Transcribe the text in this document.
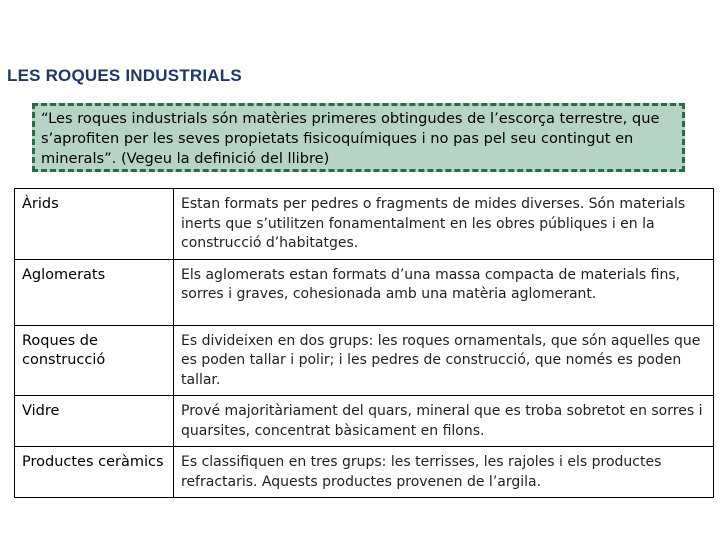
LES ROQUES INDUSTRIALS
“Les roques industrials són matèries primeres obtingudes de l’escorça terrestre, que s’aprofiten per les seves propietats fisicoquímiques i no pas pel seu contingut en minerals”. (Vegeu la definició del llibre)
Àrids	Estan formats per pedres o fragments de mides diverses. Són materials inerts que s’utilitzen fonamentalment en les obres públiques i en la construcció d’habitatges.
Aglomerats	Els aglomerats estan formats d’una massa compacta de materials fins, sorres i graves, cohesionada amb una matèria aglomerant.
Roques de construcció	Es divideixen en dos grups: les roques ornamentals, que són aquelles que es poden tallar i polir; i les pedres de construcció, que només es poden tallar.
Vidre	Prové majoritàriament del quars, mineral que es troba sobretot en sorres i quarsites, concentrat bàsicament en filons.
Productes ceràmics	Es classifiquen en tres grups: les terrisses, les rajoles i els productes refractaris. Aquests productes provenen de l’argila.
